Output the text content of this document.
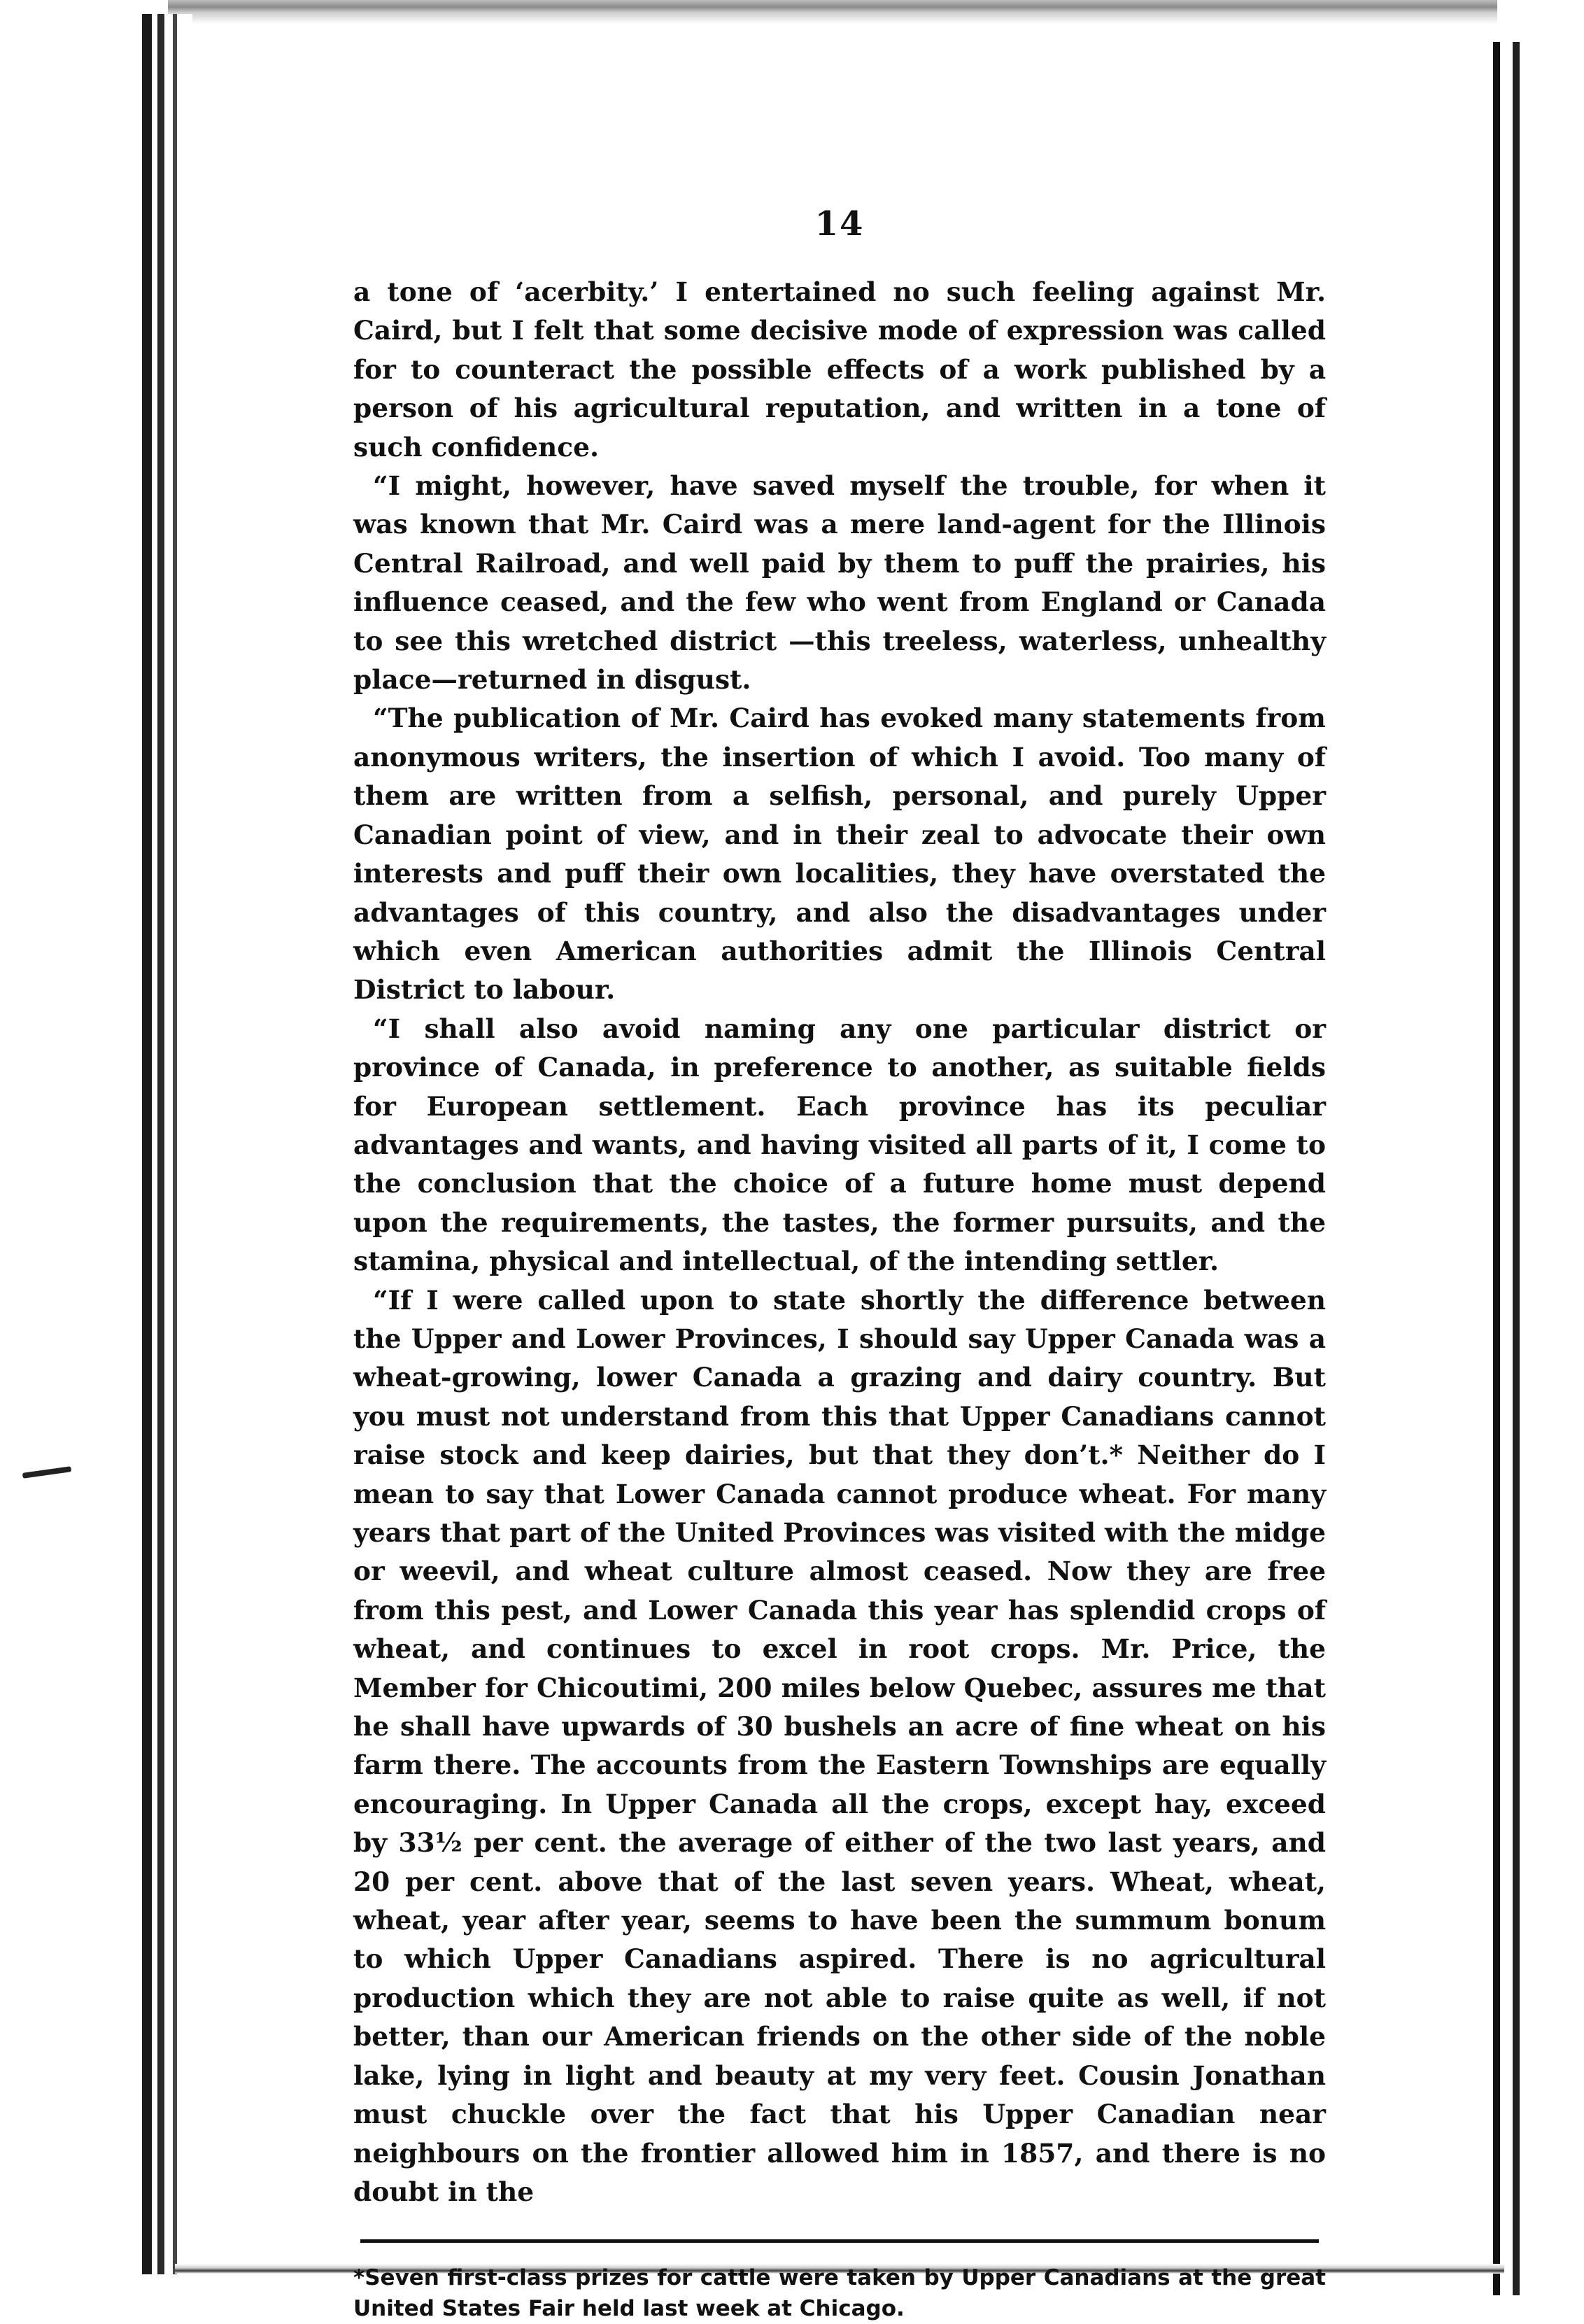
14

a tone of ‘acerbity.’ I entertained no such feeling against Mr. Caird, but I felt that some decisive mode of expression was called for to counteract the possible effects of a work published by a person of his agricultural reputation, and written in a tone of such confidence.

“I might, however, have saved myself the trouble, for when it was known that Mr. Caird was a mere land-agent for the Illinois Central Railroad, and well paid by them to puff the prairies, his influence ceased, and the few who went from England or Canada to see this wretched district —this treeless, waterless, unhealthy place—returned in disgust.

“The publication of Mr. Caird has evoked many statements from anonymous writers, the insertion of which I avoid. Too many of them are written from a selfish, personal, and purely Upper Canadian point of view, and in their zeal to advocate their own interests and puff their own localities, they have overstated the advantages of this country, and also the disadvantages under which even American authorities admit the Illinois Central District to labour.

“I shall also avoid naming any one particular district or province of Canada, in preference to another, as suitable fields for European settlement. Each province has its peculiar advantages and wants, and having visited all parts of it, I come to the conclusion that the choice of a future home must depend upon the requirements, the tastes, the former pursuits, and the stamina, physical and intellectual, of the intending settler.

“If I were called upon to state shortly the difference between the Upper and Lower Provinces, I should say Upper Canada was a wheat-growing, lower Canada a grazing and dairy country. But you must not understand from this that Upper Canadians cannot raise stock and keep dairies, but that they don’t.* Neither do I mean to say that Lower Canada cannot produce wheat. For many years that part of the United Provinces was visited with the midge or weevil, and wheat culture almost ceased. Now they are free from this pest, and Lower Canada this year has splendid crops of wheat, and continues to excel in root crops. Mr. Price, the Member for Chicoutimi, 200 miles below Quebec, assures me that he shall have upwards of 30 bushels an acre of fine wheat on his farm there. The accounts from the Eastern Townships are equally encouraging. In Upper Canada all the crops, except hay, exceed by 33½ per cent. the average of either of the two last years, and 20 per cent. above that of the last seven years. Wheat, wheat, wheat, year after year, seems to have been the summum bonum to which Upper Canadians aspired. There is no agricultural production which they are not able to raise quite as well, if not better, than our American friends on the other side of the noble lake, lying in light and beauty at my very feet. Cousin Jonathan must chuckle over the fact that his Upper Canadian near neighbours on the frontier allowed him in 1857, and there is no doubt in the

*Seven first-class prizes for cattle were taken by Upper Canadians at the great United States Fair held last week at Chicago.
